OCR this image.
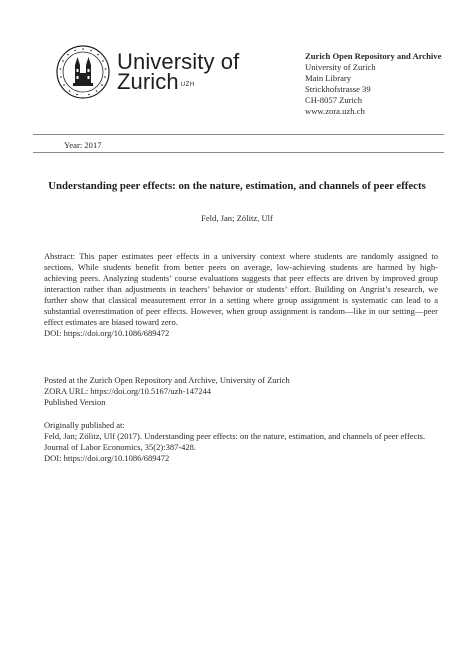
University of
Zurich $^{UZH}$
Zurich Open Repository and Archive
University of Zurich
Main Library
Strickhofstrasse 39
CH-8057 Zurich
www.zora.uzh.ch
Year: 2017
Understanding peer effects: on the nature, estimation, and channels of peer effects
Feld, Jan; Zölitz, Ulf
Abstract: This paper estimates peer effects in a university context where students are randomly assigned to sections. While students benefit from better peers on average, low-achieving students are harmed by high-achieving peers. Analyzing students’ course evaluations suggests that peer effects are driven by improved group interaction rather than adjustments in teachers’ behavior or students’ effort. Building on Angrist’s research, we further show that classical measurement error in a setting where group assignment is systematic can lead to a substantial overestimation of peer effects. However, when group assignment is random—like in our setting—peer effect estimates are biased toward zero.
DOI: https://doi.org/10.1086/689472
Posted at the Zurich Open Repository and Archive, University of Zurich
ZORA URL: https://doi.org/10.5167/uzh-147244
Published Version
Originally published at:
Feld, Jan; Zölitz, Ulf (2017). Understanding peer effects: on the nature, estimation, and channels of peer effects. Journal of Labor Economics, 35(2):387-428.
DOI: https://doi.org/10.1086/689472
